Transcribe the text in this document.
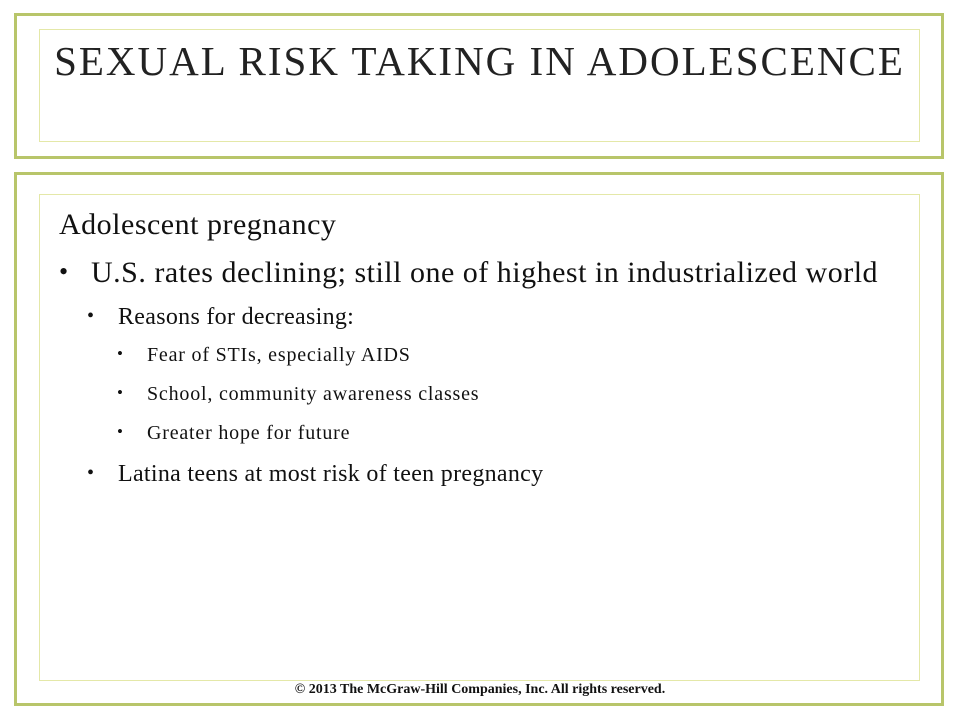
SEXUAL RISK TAKING IN ADOLESCENCE
Adolescent pregnancy
• U.S. rates declining; still one of highest in industrialized world
• Reasons for decreasing:
• Fear of STIs, especially AIDS
• School, community awareness classes
• Greater hope for future
• Latina teens at most risk of teen pregnancy
© 2013 The McGraw-Hill Companies, Inc. All rights reserved.
